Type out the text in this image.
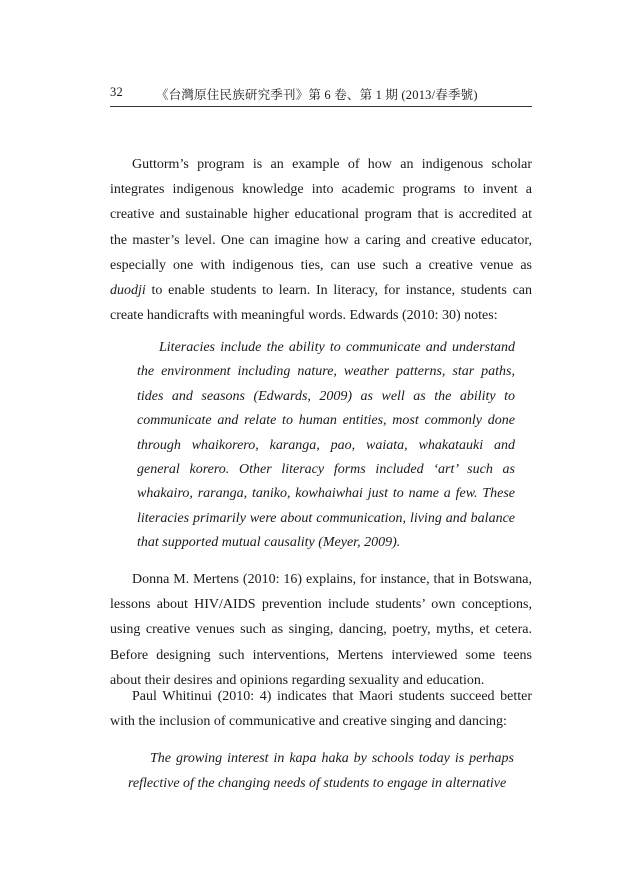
32	《台灣原住民族研究季刊》第 6 卷、第 1 期 (2013/春季號)

Guttorm’s program is an example of how an indigenous scholar integrates indigenous knowledge into academic programs to invent a creative and sustainable higher educational program that is accredited at the master’s level. One can imagine how a caring and creative educator, especially one with indigenous ties, can use such a creative venue as duodji to enable students to learn. In literacy, for instance, students can create handicrafts with meaningful words. Edwards (2010: 30) notes:

Literacies include the ability to communicate and understand the environment including nature, weather patterns, star paths, tides and seasons (Edwards, 2009) as well as the ability to communicate and relate to human entities, most commonly done through whaikorero, karanga, pao, waiata, whakatauki and general korero. Other literacy forms included ‘art’ such as whakairo, raranga, taniko, kowhaiwhai just to name a few. These literacies primarily were about communication, living and balance that supported mutual causality (Meyer, 2009).

Donna M. Mertens (2010: 16) explains, for instance, that in Botswana, lessons about HIV/AIDS prevention include students’ own conceptions, using creative venues such as singing, dancing, poetry, myths, et cetera. Before designing such interventions, Mertens interviewed some teens about their desires and opinions regarding sexuality and education.

Paul Whitinui (2010: 4) indicates that Maori students succeed better with the inclusion of communicative and creative singing and dancing:

The growing interest in kapa haka by schools today is perhaps reflective of the changing needs of students to engage in alternative
